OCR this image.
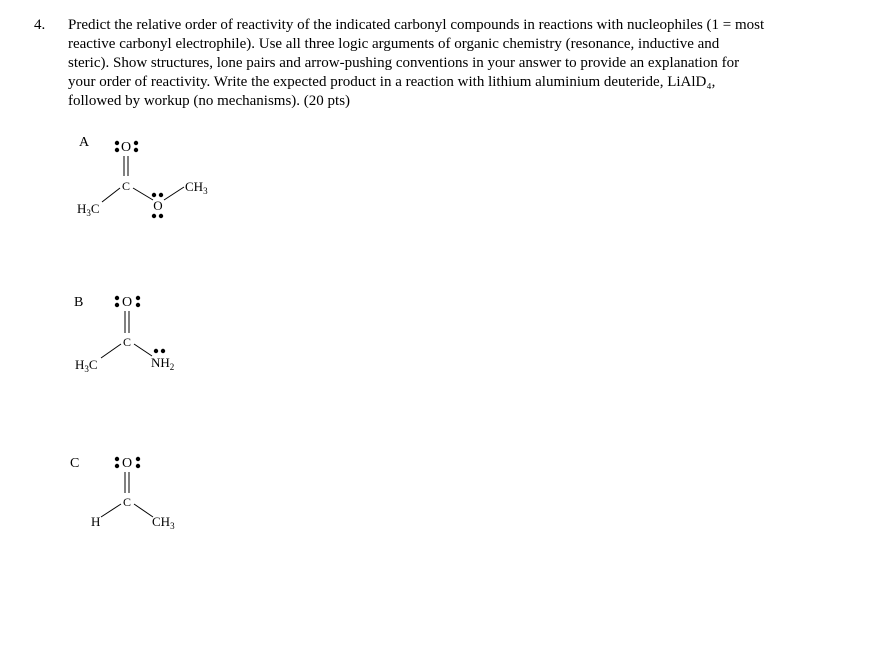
4. Predict the relative order of reactivity of the indicated carbonyl compounds in reactions with nucleophiles (1 = most
reactive carbonyl electrophile). Use all three logic arguments of organic chemistry (resonance, inductive and
steric). Show structures, lone pairs and arrow-pushing conventions in your answer to provide an explanation for
your order of reactivity. Write the expected product in a reaction with lithium aluminium deuteride, LiAlD₄,
followed by workup (no mechanisms). (20 pts)
A O
C
$H_3C$	O
$CH_3$
B	O
C
$H_3C$	$NH_2$
C	O
C
H	$CH_3$
